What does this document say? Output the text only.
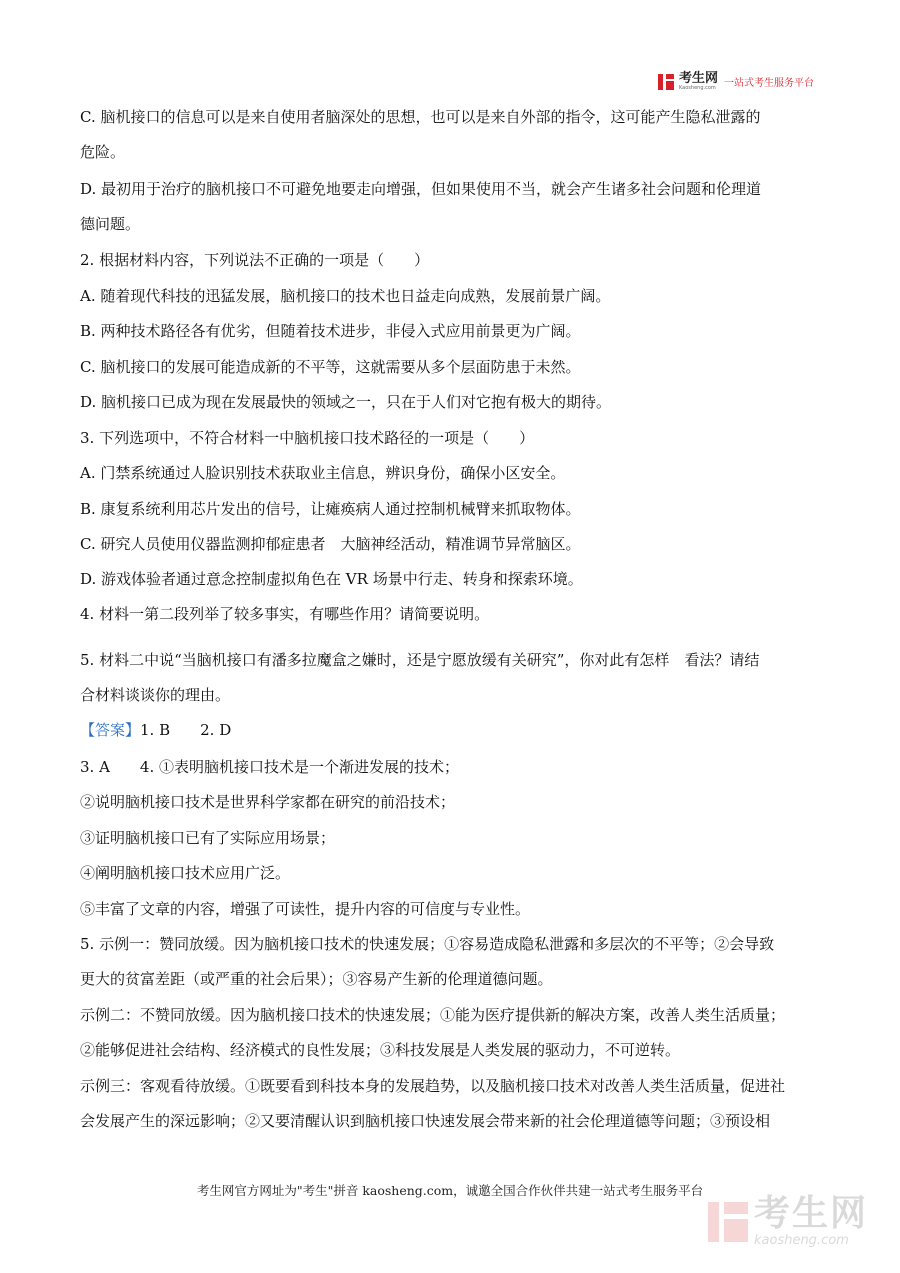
考生网
Kaosheng.com 一站式考生服务平台
C. 脑机接口的信息可以是来自使用者脑深处的思想，也可以是来自外部的指令，这可能产生隐私泄露的
危险。
D. 最初用于治疗的脑机接口不可避免地要走向增强，但如果使用不当，就会产生诸多社会问题和伦理道
德问题。
2. 根据材料内容，下列说法不正确的一项是（　　）
A. 随着现代科技的迅猛发展，脑机接口的技术也日益走向成熟，发展前景广阔。
B. 两种技术路径各有优劣，但随着技术进步，非侵入式应用前景更为广阔。
C. 脑机接口的发展可能造成新的不平等，这就需要从多个层面防患于未然。
D. 脑机接口已成为现在发展最快的领域之一，只在于人们对它抱有极大的期待。
3. 下列选项中，不符合材料一中脑机接口技术路径的一项是（　　）
A. 门禁系统通过人脸识别技术获取业主信息，辨识身份，确保小区安全。
B. 康复系统利用芯片发出的信号，让瘫痪病人通过控制机械臂来抓取物体。
C. 研究人员使用仪器监测抑郁症患者　大脑神经活动，精准调节异常脑区。
D. 游戏体验者通过意念控制虚拟角色在 VR 场景中行走、转身和探索环境。
4. 材料一第二段列举了较多事实，有哪些作用？请简要说明。
5. 材料二中说“当脑机接口有潘多拉魔盒之嫌时，还是宁愿放缓有关研究”，你对此有怎样　看法？请结
合材料谈谈你的理由。
【答案】1. B　　2. D
3. A　　4. ①表明脑机接口技术是一个渐进发展的技术；
②说明脑机接口技术是世界科学家都在研究的前沿技术；
③证明脑机接口已有了实际应用场景；
④阐明脑机接口技术应用广泛。
⑤丰富了文章的内容，增强了可读性，提升内容的可信度与专业性。
5. 示例一：赞同放缓。因为脑机接口技术的快速发展；①容易造成隐私泄露和多层次的不平等；②会导致
更大的贫富差距（或严重的社会后果）；③容易产生新的伦理道德问题。
示例二：不赞同放缓。因为脑机接口技术的快速发展；①能为医疗提供新的解决方案，改善人类生活质量；
②能够促进社会结构、经济模式的良性发展；③科技发展是人类发展的驱动力，不可逆转。
示例三：客观看待放缓。①既要看到科技本身的发展趋势，以及脑机接口技术对改善人类生活质量，促进社
会发展产生的深远影响；②又要清醒认识到脑机接口快速发展会带来新的社会伦理道德等问题；③预设相
考生网官方网址为"考生"拼音 kaosheng.com，诚邀全国合作伙伴共建一站式考生服务平台
考生网
kaosheng.com
